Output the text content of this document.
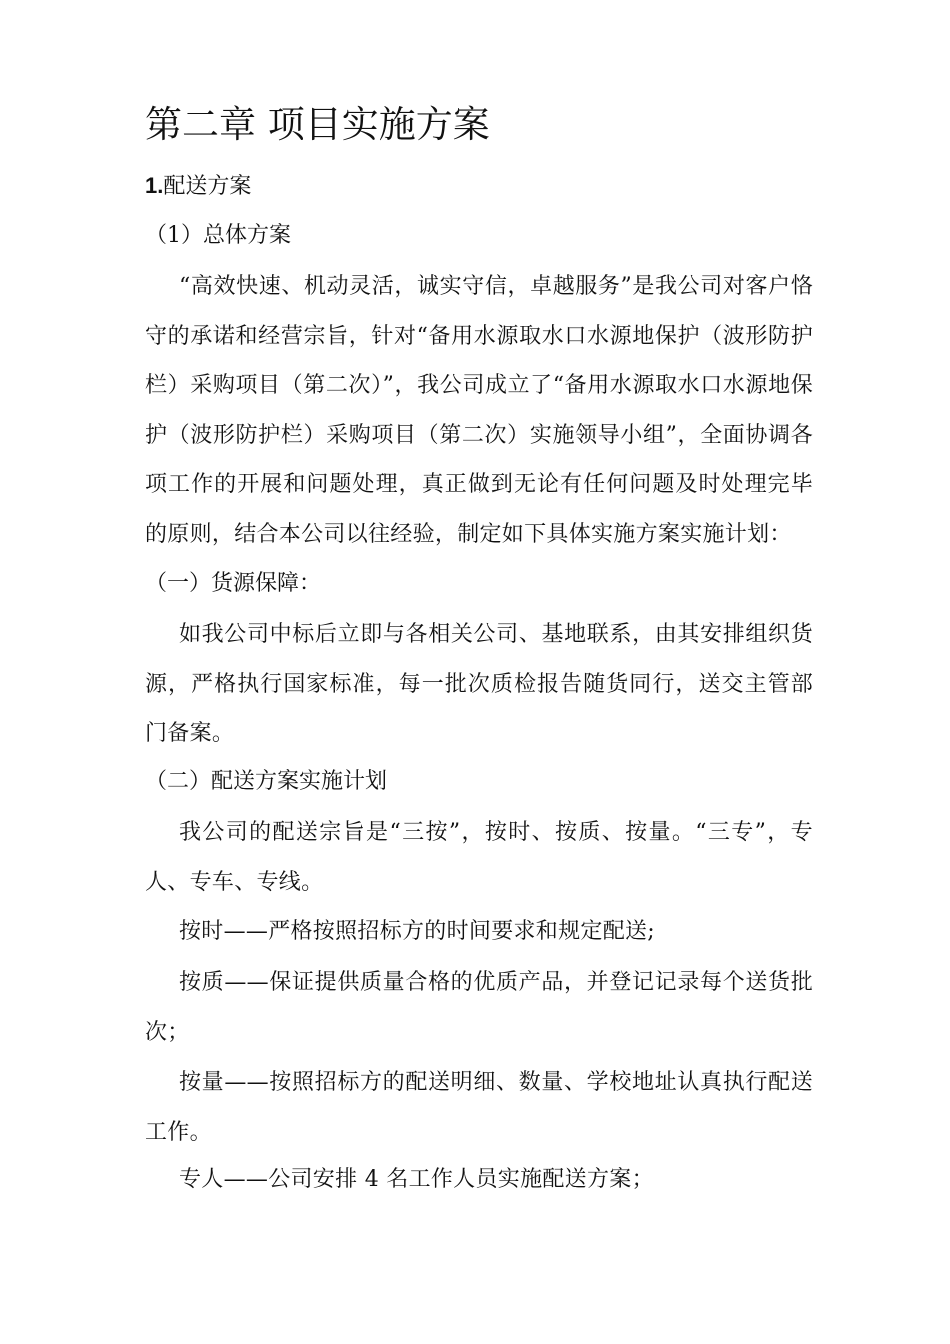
第二章 项目实施方案
1.配送方案
（1）总体方案

“高效快速、机动灵活，诚实守信，卓越服务”是我公司对客户恪守的承诺和经营宗旨，针对“备用水源取水口水源地保护（波形防护栏）采购项目（第二次）”，我公司成立了“备用水源取水口水源地保护（波形防护栏）采购项目（第二次）实施领导小组”，全面协调各项工作的开展和问题处理，真正做到无论有任何问题及时处理完毕的原则，结合本公司以往经验，制定如下具体实施方案实施计划：

（一）货源保障：

如我公司中标后立即与各相关公司、基地联系，由其安排组织货源，严格执行国家标准，每一批次质检报告随货同行，送交主管部门备案。

（二）配送方案实施计划

我公司的配送宗旨是“三按”，按时、按质、按量。“三专”，专人、专车、专线。

按时——严格按照招标方的时间要求和规定配送;

按质——保证提供质量合格的优质产品，并登记记录每个送货批次；

按量——按照招标方的配送明细、数量、学校地址认真执行配送工作。

专人——公司安排 4 名工作人员实施配送方案；
